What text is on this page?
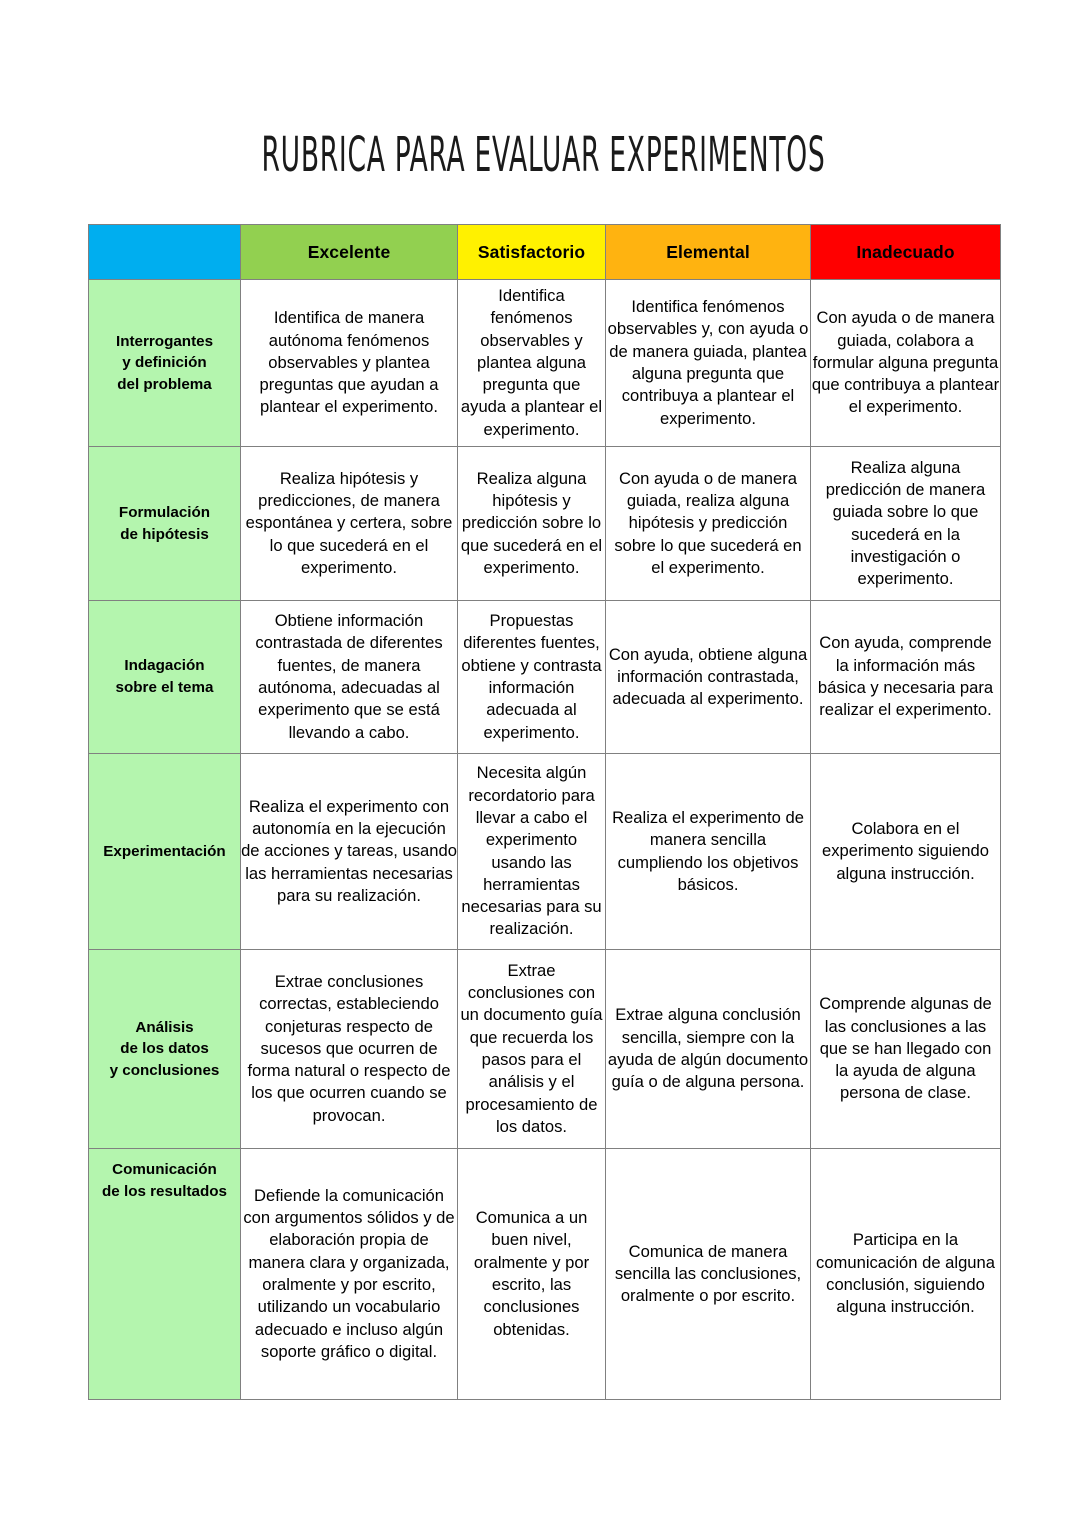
RUBRICA PARA EVALUAR EXPERIMENTOS
	Excelente	Satisfactorio	Elemental	Inadecuado
Interrogantes
y definición
del problema	Identifica de manera autónoma fenómenos observables y plantea preguntas que ayudan a plantear el experimento.	Identifica fenómenos observables y plantea alguna pregunta que ayuda a plantear el experimento.	Identifica fenómenos observables y, con ayuda o de manera guiada, plantea alguna pregunta que contribuya a plantear el experimento.	Con ayuda o de manera guiada, colabora a formular alguna pregunta que contribuya a plantear el experimento.
Formulación
de hipótesis	Realiza hipótesis y predicciones, de manera espontánea y certera, sobre lo que sucederá en el experimento.	Realiza alguna hipótesis y predicción sobre lo que sucederá en el experimento.	Con ayuda o de manera guiada, realiza alguna hipótesis y predicción sobre lo que sucederá en el experimento.	Realiza alguna predicción de manera guiada sobre lo que sucederá en la investigación o experimento.
Indagación
sobre el tema	Obtiene información contrastada de diferentes fuentes, de manera autónoma, adecuadas al experimento que se está llevando a cabo.	Propuestas diferentes fuentes, obtiene y contrasta información adecuada al experimento.	Con ayuda, obtiene alguna información contrastada, adecuada al experimento.	Con ayuda, comprende la información más básica y necesaria para realizar el experimento.
Experimentación	Realiza el experimento con autonomía en la ejecución de acciones y tareas, usando las herramientas necesarias para su realización.	Necesita algún recordatorio para llevar a cabo el experimento usando las herramientas necesarias para su realización.	Realiza el experimento de manera sencilla cumpliendo los objetivos básicos.	Colabora en el experimento siguiendo alguna instrucción.
Análisis
de los datos
y conclusiones	Extrae conclusiones correctas, estableciendo conjeturas respecto de sucesos que ocurren de forma natural o respecto de los que ocurren cuando se provocan.	Extrae conclusiones con un documento guía que recuerda los pasos para el análisis y el procesamiento de los datos.	Extrae alguna conclusión sencilla, siempre con la ayuda de algún documento guía o de alguna persona.	Comprende algunas de las conclusiones a las que se han llegado con la ayuda de alguna persona de clase.
Comunicación
de los resultados	Defiende la comunicación con argumentos sólidos y de elaboración propia de manera clara y organizada, oralmente y por escrito, utilizando un vocabulario adecuado e incluso algún soporte gráfico o digital.	Comunica a un buen nivel, oralmente y por escrito, las conclusiones obtenidas.	Comunica de manera sencilla las conclusiones, oralmente o por escrito.	Participa en la comunicación de alguna conclusión, siguiendo alguna instrucción.
